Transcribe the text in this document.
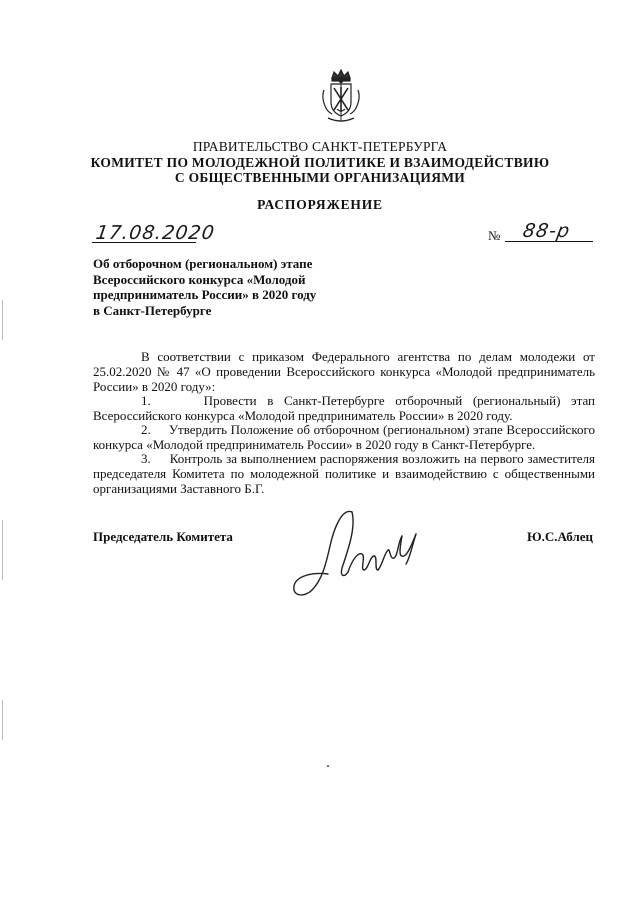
ПРАВИТЕЛЬСТВО САНКТ-ПЕТЕРБУРГА
КОМИТЕТ ПО МОЛОДЕЖНОЙ ПОЛИТИКЕ И ВЗАИМОДЕЙСТВИЮ
С ОБЩЕСТВЕННЫМИ ОРГАНИЗАЦИЯМИ
РАСПОРЯЖЕНИЕ
17.08.2020	№ 88-р
Об отборочном (региональном) этапе
Всероссийского конкурса «Молодой
предприниматель России» в 2020 году
в Санкт-Петербурге

В соответствии с приказом Федерального агентства по делам молодежи от 25.02.2020 № 47 «О проведении Всероссийского конкурса «Молодой предприниматель России» в 2020 году»:

1.     Провести в Санкт-Петербурге отборочный (региональный) этап Всероссийского конкурса «Молодой предприниматель России» в 2020 году.

2.     Утвердить Положение об отборочном (региональном) этапе Всероссийского конкурса «Молодой предприниматель России» в 2020 году в Санкт-Петербурге.

3.     Контроль за выполнением распоряжения возложить на первого заместителя председателя Комитета по молодежной политике и взаимодействию с общественными организациями Заставного Б.Г.

Председатель Комитета	Ю.С.Аблец
